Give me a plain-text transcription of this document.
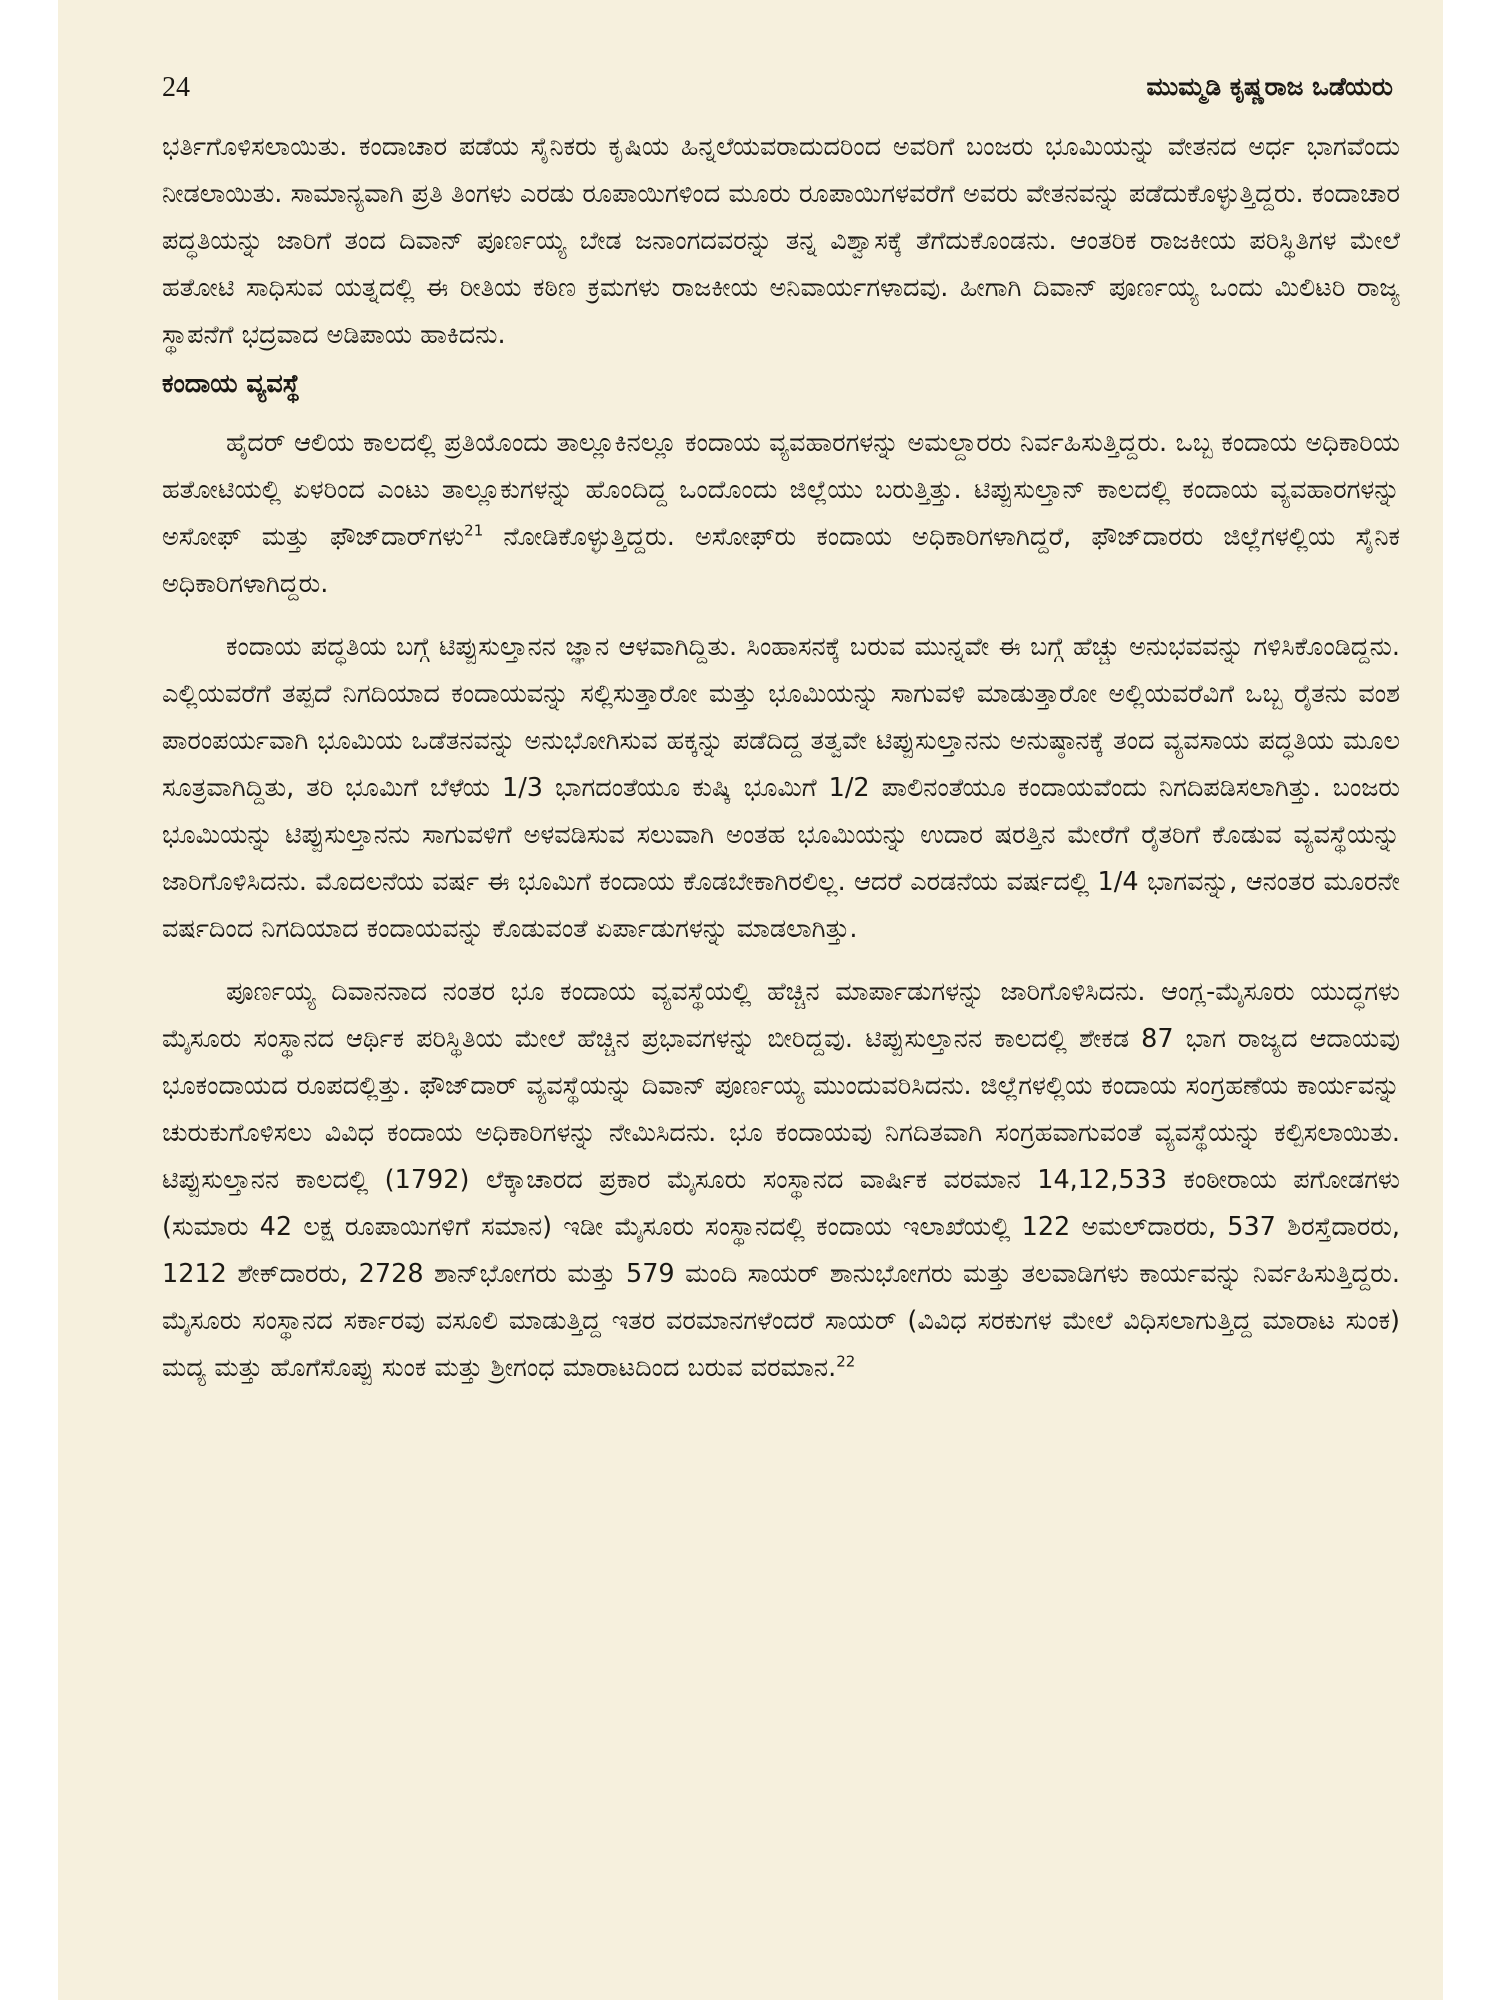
24	ಮುಮ್ಮಡಿ ಕೃಷ್ಣರಾಜ ಒಡೆಯರು

ಭರ್ತಿಗೊಳಿಸಲಾಯಿತು. ಕಂದಾಚಾರ ಪಡೆಯ ಸೈನಿಕರು ಕೃಷಿಯ ಹಿನ್ನಲೆಯವರಾದುದರಿಂದ ಅವರಿಗೆ ಬಂಜರು ಭೂಮಿಯನ್ನು ವೇತನದ ಅರ್ಧ ಭಾಗವೆಂದು ನೀಡಲಾಯಿತು. ಸಾಮಾನ್ಯವಾಗಿ ಪ್ರತಿ ತಿಂಗಳು ಎರಡು ರೂಪಾಯಿಗಳಿಂದ ಮೂರು ರೂಪಾಯಿಗಳವರೆಗೆ ಅವರು ವೇತನವನ್ನು ಪಡೆದುಕೊಳ್ಳುತ್ತಿದ್ದರು. ಕಂದಾಚಾರ ಪದ್ಧತಿಯನ್ನು ಜಾರಿಗೆ ತಂದ ದಿವಾನ್ ಪೂರ್ಣಯ್ಯ ಬೇಡ ಜನಾಂಗದವರನ್ನು ತನ್ನ ವಿಶ್ವಾಸಕ್ಕೆ ತೆಗೆದುಕೊಂಡನು. ಆಂತರಿಕ ರಾಜಕೀಯ ಪರಿಸ್ಥಿತಿಗಳ ಮೇಲೆ ಹತೋಟಿ ಸಾಧಿಸುವ ಯತ್ನದಲ್ಲಿ ಈ ರೀತಿಯ ಕಠಿಣ ಕ್ರಮಗಳು ರಾಜಕೀಯ ಅನಿವಾರ್ಯಗಳಾದವು. ಹೀಗಾಗಿ ದಿವಾನ್ ಪೂರ್ಣಯ್ಯ ಒಂದು ಮಿಲಿಟರಿ ರಾಜ್ಯ ಸ್ಥಾಪನೆಗೆ ಭದ್ರವಾದ ಅಡಿಪಾಯ ಹಾಕಿದನು.

ಕಂದಾಯ ವ್ಯವಸ್ಥೆ

ಹೈದರ್ ಆಲಿಯ ಕಾಲದಲ್ಲಿ ಪ್ರತಿಯೊಂದು ತಾಲ್ಲೂಕಿನಲ್ಲೂ ಕಂದಾಯ ವ್ಯವಹಾರಗಳನ್ನು ಅಮಲ್ದಾರರು ನಿರ್ವಹಿಸುತ್ತಿದ್ದರು. ಒಬ್ಬ ಕಂದಾಯ ಅಧಿಕಾರಿಯ ಹತೋಟಿಯಲ್ಲಿ ಏಳರಿಂದ ಎಂಟು ತಾಲ್ಲೂಕುಗಳನ್ನು ಹೊಂದಿದ್ದ ಒಂದೊಂದು ಜಿಲ್ಲೆಯು ಬರುತ್ತಿತ್ತು. ಟಿಪ್ಪುಸುಲ್ತಾನ್ ಕಾಲದಲ್ಲಿ ಕಂದಾಯ ವ್ಯವಹಾರಗಳನ್ನು ಅಸೋಫ್ ಮತ್ತು ಫೌಜ್‌ದಾರ್‌ಗಳು$^{21}$ ನೋಡಿಕೊಳ್ಳುತ್ತಿದ್ದರು. ಅಸೋಫ್‌ರು ಕಂದಾಯ ಅಧಿಕಾರಿಗಳಾಗಿದ್ದರೆ, ಫೌಜ್‌ದಾರರು ಜಿಲ್ಲೆಗಳಲ್ಲಿಯ ಸೈನಿಕ ಅಧಿಕಾರಿಗಳಾಗಿದ್ದರು.

ಕಂದಾಯ ಪದ್ಧತಿಯ ಬಗ್ಗೆ ಟಿಪ್ಪುಸುಲ್ತಾನನ ಜ್ಞಾನ ಆಳವಾಗಿದ್ದಿತು. ಸಿಂಹಾಸನಕ್ಕೆ ಬರುವ ಮುನ್ನವೇ ಈ ಬಗ್ಗೆ ಹೆಚ್ಚು ಅನುಭವವನ್ನು ಗಳಿಸಿಕೊಂಡಿದ್ದನು. ಎಲ್ಲಿಯವರೆಗೆ ತಪ್ಪದೆ ನಿಗದಿಯಾದ ಕಂದಾಯವನ್ನು ಸಲ್ಲಿಸುತ್ತಾರೋ ಮತ್ತು ಭೂಮಿಯನ್ನು ಸಾಗುವಳಿ ಮಾಡುತ್ತಾರೋ ಅಲ್ಲಿಯವರೆವಿಗೆ ಒಬ್ಬ ರೈತನು ವಂಶ ಪಾರಂಪರ್ಯವಾಗಿ ಭೂಮಿಯ ಒಡೆತನವನ್ನು ಅನುಭೋಗಿಸುವ ಹಕ್ಕನ್ನು ಪಡೆದಿದ್ದ ತತ್ವವೇ ಟಿಪ್ಪುಸುಲ್ತಾನನು ಅನುಷ್ಠಾನಕ್ಕೆ ತಂದ ವ್ಯವಸಾಯ ಪದ್ಧತಿಯ ಮೂಲ ಸೂತ್ರವಾಗಿದ್ದಿತು, ತರಿ ಭೂಮಿಗೆ ಬೆಳೆಯ 1/3 ಭಾಗದಂತೆಯೂ ಕುಷ್ಕಿ ಭೂಮಿಗೆ 1/2 ಪಾಲಿನಂತೆಯೂ ಕಂದಾಯವೆಂದು ನಿಗದಿಪಡಿಸಲಾಗಿತ್ತು. ಬಂಜರು ಭೂಮಿಯನ್ನು ಟಿಪ್ಪುಸುಲ್ತಾನನು ಸಾಗುವಳಿಗೆ ಅಳವಡಿಸುವ ಸಲುವಾಗಿ ಅಂತಹ ಭೂಮಿಯನ್ನು ಉದಾರ ಷರತ್ತಿನ ಮೇರೆಗೆ ರೈತರಿಗೆ ಕೊಡುವ ವ್ಯವಸ್ಥೆಯನ್ನು ಜಾರಿಗೊಳಿಸಿದನು. ಮೊದಲನೆಯ ವರ್ಷ ಈ ಭೂಮಿಗೆ ಕಂದಾಯ ಕೊಡಬೇಕಾಗಿರಲಿಲ್ಲ. ಆದರೆ ಎರಡನೆಯ ವರ್ಷದಲ್ಲಿ 1/4 ಭಾಗವನ್ನು, ಆನಂತರ ಮೂರನೇ ವರ್ಷದಿಂದ ನಿಗದಿಯಾದ ಕಂದಾಯವನ್ನು ಕೊಡುವಂತೆ ಏರ್ಪಾಡುಗಳನ್ನು ಮಾಡಲಾಗಿತ್ತು.

ಪೂರ್ಣಯ್ಯ ದಿವಾನನಾದ ನಂತರ ಭೂ ಕಂದಾಯ ವ್ಯವಸ್ಥೆಯಲ್ಲಿ ಹೆಚ್ಚಿನ ಮಾರ್ಪಾಡುಗಳನ್ನು ಜಾರಿಗೊಳಿಸಿದನು. ಆಂಗ್ಲ-ಮೈಸೂರು ಯುದ್ಧಗಳು ಮೈಸೂರು ಸಂಸ್ಥಾನದ ಆರ್ಥಿಕ ಪರಿಸ್ಥಿತಿಯ ಮೇಲೆ ಹೆಚ್ಚಿನ ಪ್ರಭಾವಗಳನ್ನು ಬೀರಿದ್ದವು. ಟಿಪ್ಪುಸುಲ್ತಾನನ ಕಾಲದಲ್ಲಿ ಶೇಕಡ 87 ಭಾಗ ರಾಜ್ಯದ ಆದಾಯವು ಭೂಕಂದಾಯದ ರೂಪದಲ್ಲಿತ್ತು. ಫೌಜ್‌ದಾರ್ ವ್ಯವಸ್ಥೆಯನ್ನು ದಿವಾನ್ ಪೂರ್ಣಯ್ಯ ಮುಂದುವರಿಸಿದನು. ಜಿಲ್ಲೆಗಳಲ್ಲಿಯ ಕಂದಾಯ ಸಂಗ್ರಹಣೆಯ ಕಾರ್ಯವನ್ನು ಚುರುಕುಗೊಳಿಸಲು ವಿವಿಧ ಕಂದಾಯ ಅಧಿಕಾರಿಗಳನ್ನು ನೇಮಿಸಿದನು. ಭೂ ಕಂದಾಯವು ನಿಗದಿತವಾಗಿ ಸಂಗ್ರಹವಾಗುವಂತೆ ವ್ಯವಸ್ಥೆಯನ್ನು ಕಲ್ಪಿಸಲಾಯಿತು. ಟಿಪ್ಪುಸುಲ್ತಾನನ ಕಾಲದಲ್ಲಿ (1792) ಲೆಕ್ಕಾಚಾರದ ಪ್ರಕಾರ ಮೈಸೂರು ಸಂಸ್ಥಾನದ ವಾರ್ಷಿಕ ವರಮಾನ 14,12,533 ಕಂಠೀರಾಯ ಪಗೋಡಗಳು (ಸುಮಾರು 42 ಲಕ್ಷ ರೂಪಾಯಿಗಳಿಗೆ ಸಮಾನ) ಇಡೀ ಮೈಸೂರು ಸಂಸ್ಥಾನದಲ್ಲಿ ಕಂದಾಯ ಇಲಾಖೆಯಲ್ಲಿ 122 ಅಮಲ್‌ದಾರರು, 537 ಶಿರಸ್ತೆದಾರರು, 1212 ಶೇಕ್‌ದಾರರು, 2728 ಶಾನ್‌ಭೋಗರು ಮತ್ತು 579 ಮಂದಿ ಸಾಯರ್ ಶಾನುಭೋಗರು ಮತ್ತು ತಲವಾಡಿಗಳು ಕಾರ್ಯವನ್ನು ನಿರ್ವಹಿಸುತ್ತಿದ್ದರು. ಮೈಸೂರು ಸಂಸ್ಥಾನದ ಸರ್ಕಾರವು ವಸೂಲಿ ಮಾಡುತ್ತಿದ್ದ ಇತರ ವರಮಾನಗಳೆಂದರೆ ಸಾಯರ್ (ವಿವಿಧ ಸರಕುಗಳ ಮೇಲೆ ವಿಧಿಸಲಾಗುತ್ತಿದ್ದ ಮಾರಾಟ ಸುಂಕ) ಮದ್ಯ ಮತ್ತು ಹೊಗೆಸೊಪ್ಪು ಸುಂಕ ಮತ್ತು ಶ್ರೀಗಂಧ ಮಾರಾಟದಿಂದ ಬರುವ ವರಮಾನ.$^{22}$
